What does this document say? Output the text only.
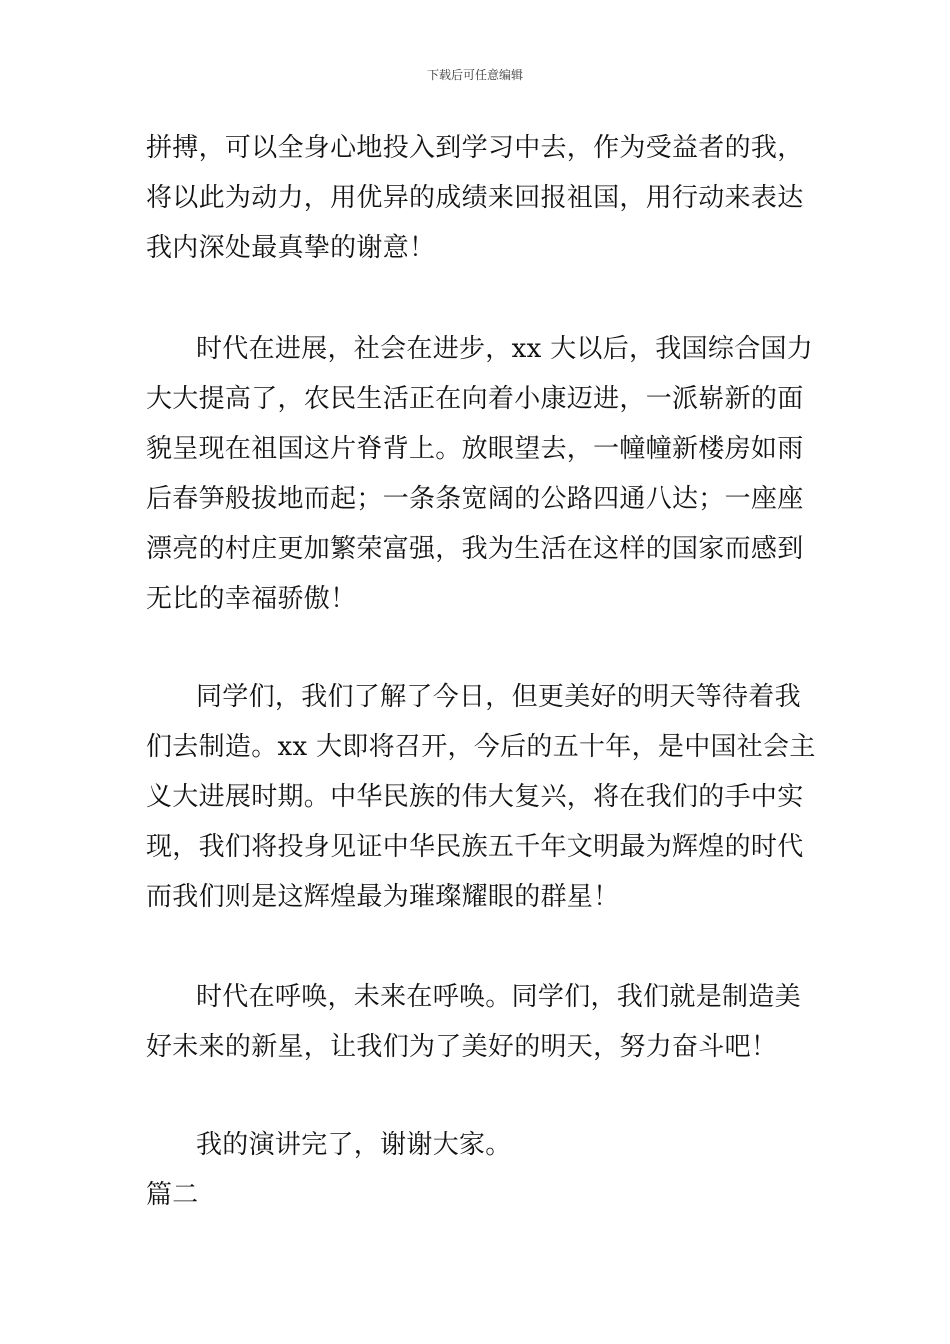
下载后可任意编辑
拼搏，可以全身心地投入到学习中去，作为受益者的我，
将以此为动力，用优异的成绩来回报祖国，用行动来表达
我内深处最真挚的谢意！
时代在进展，社会在进步，xx 大以后，我国综合国力
大大提高了，农民生活正在向着小康迈进，一派崭新的面
貌呈现在祖国这片脊背上。放眼望去，一幢幢新楼房如雨
后春笋般拔地而起；一条条宽阔的公路四通八达；一座座
漂亮的村庄更加繁荣富强，我为生活在这样的国家而感到
无比的幸福骄傲！
同学们，我们了解了今日，但更美好的明天等待着我
们去制造。xx 大即将召开，今后的五十年，是中国社会主
义大进展时期。中华民族的伟大复兴，将在我们的手中实
现，我们将投身见证中华民族五千年文明最为辉煌的时代
而我们则是这辉煌最为璀璨耀眼的群星！
时代在呼唤，未来在呼唤。同学们，我们就是制造美
好未来的新星，让我们为了美好的明天，努力奋斗吧！
我的演讲完了，谢谢大家。
篇二
